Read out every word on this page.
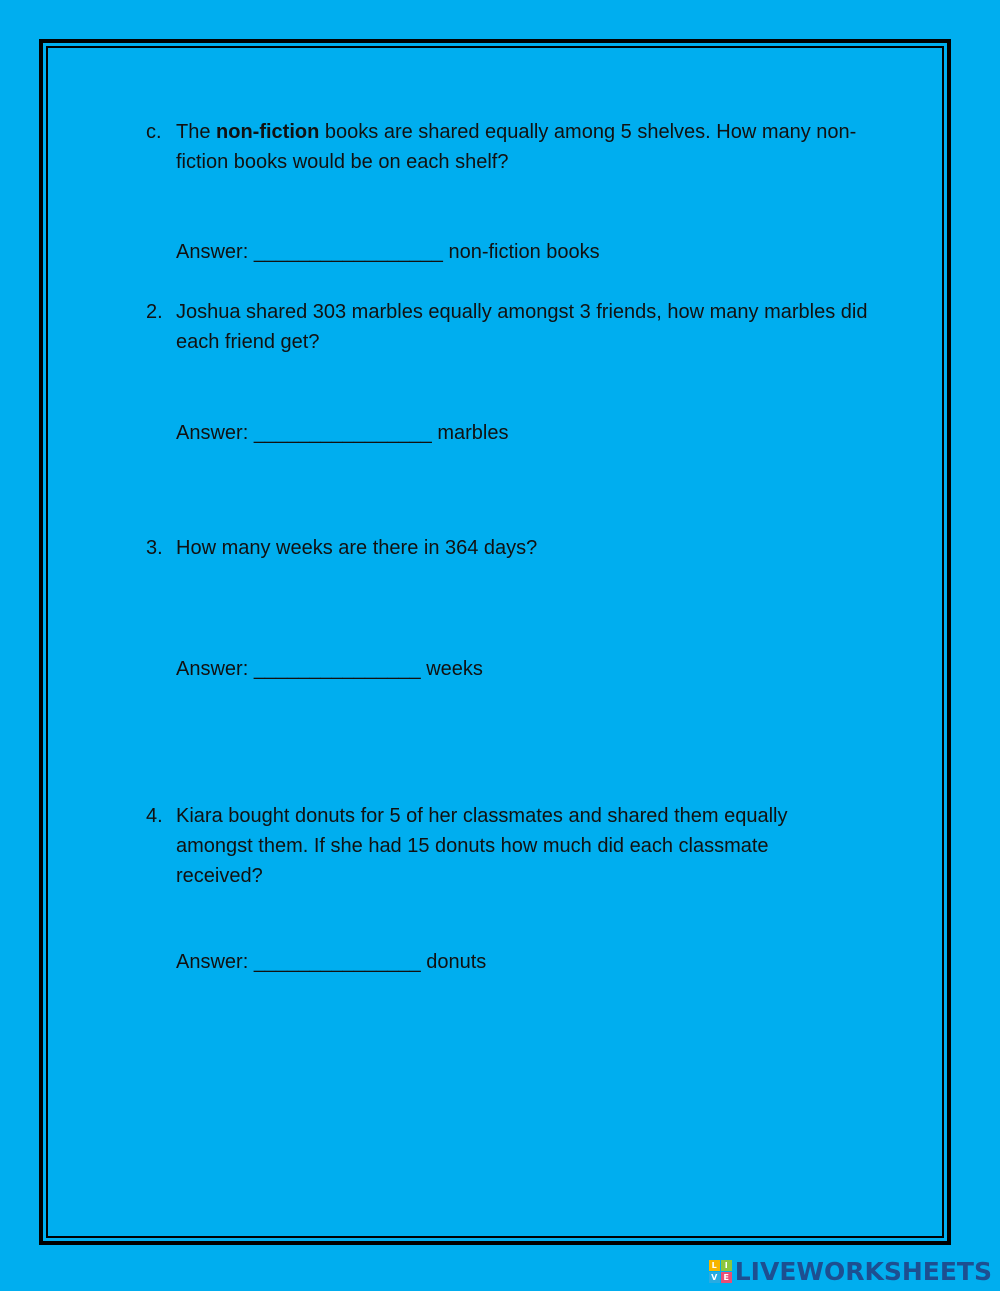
c. The non-fiction books are shared equally among 5 shelves. How many non-fiction books would be on each shelf?
Answer: _________________ non-fiction books
2. Joshua shared 303 marbles equally amongst 3 friends, how many marbles did each friend get?
Answer: ________________ marbles
3. How many weeks are there in 364 days?
Answer: _______________ weeks
4. Kiara bought donuts for 5 of her classmates and shared them equally amongst them. If she had 15 donuts how much did each classmate received?
Answer: _______________ donuts
L I
V E LIVEWORKSHEETS
